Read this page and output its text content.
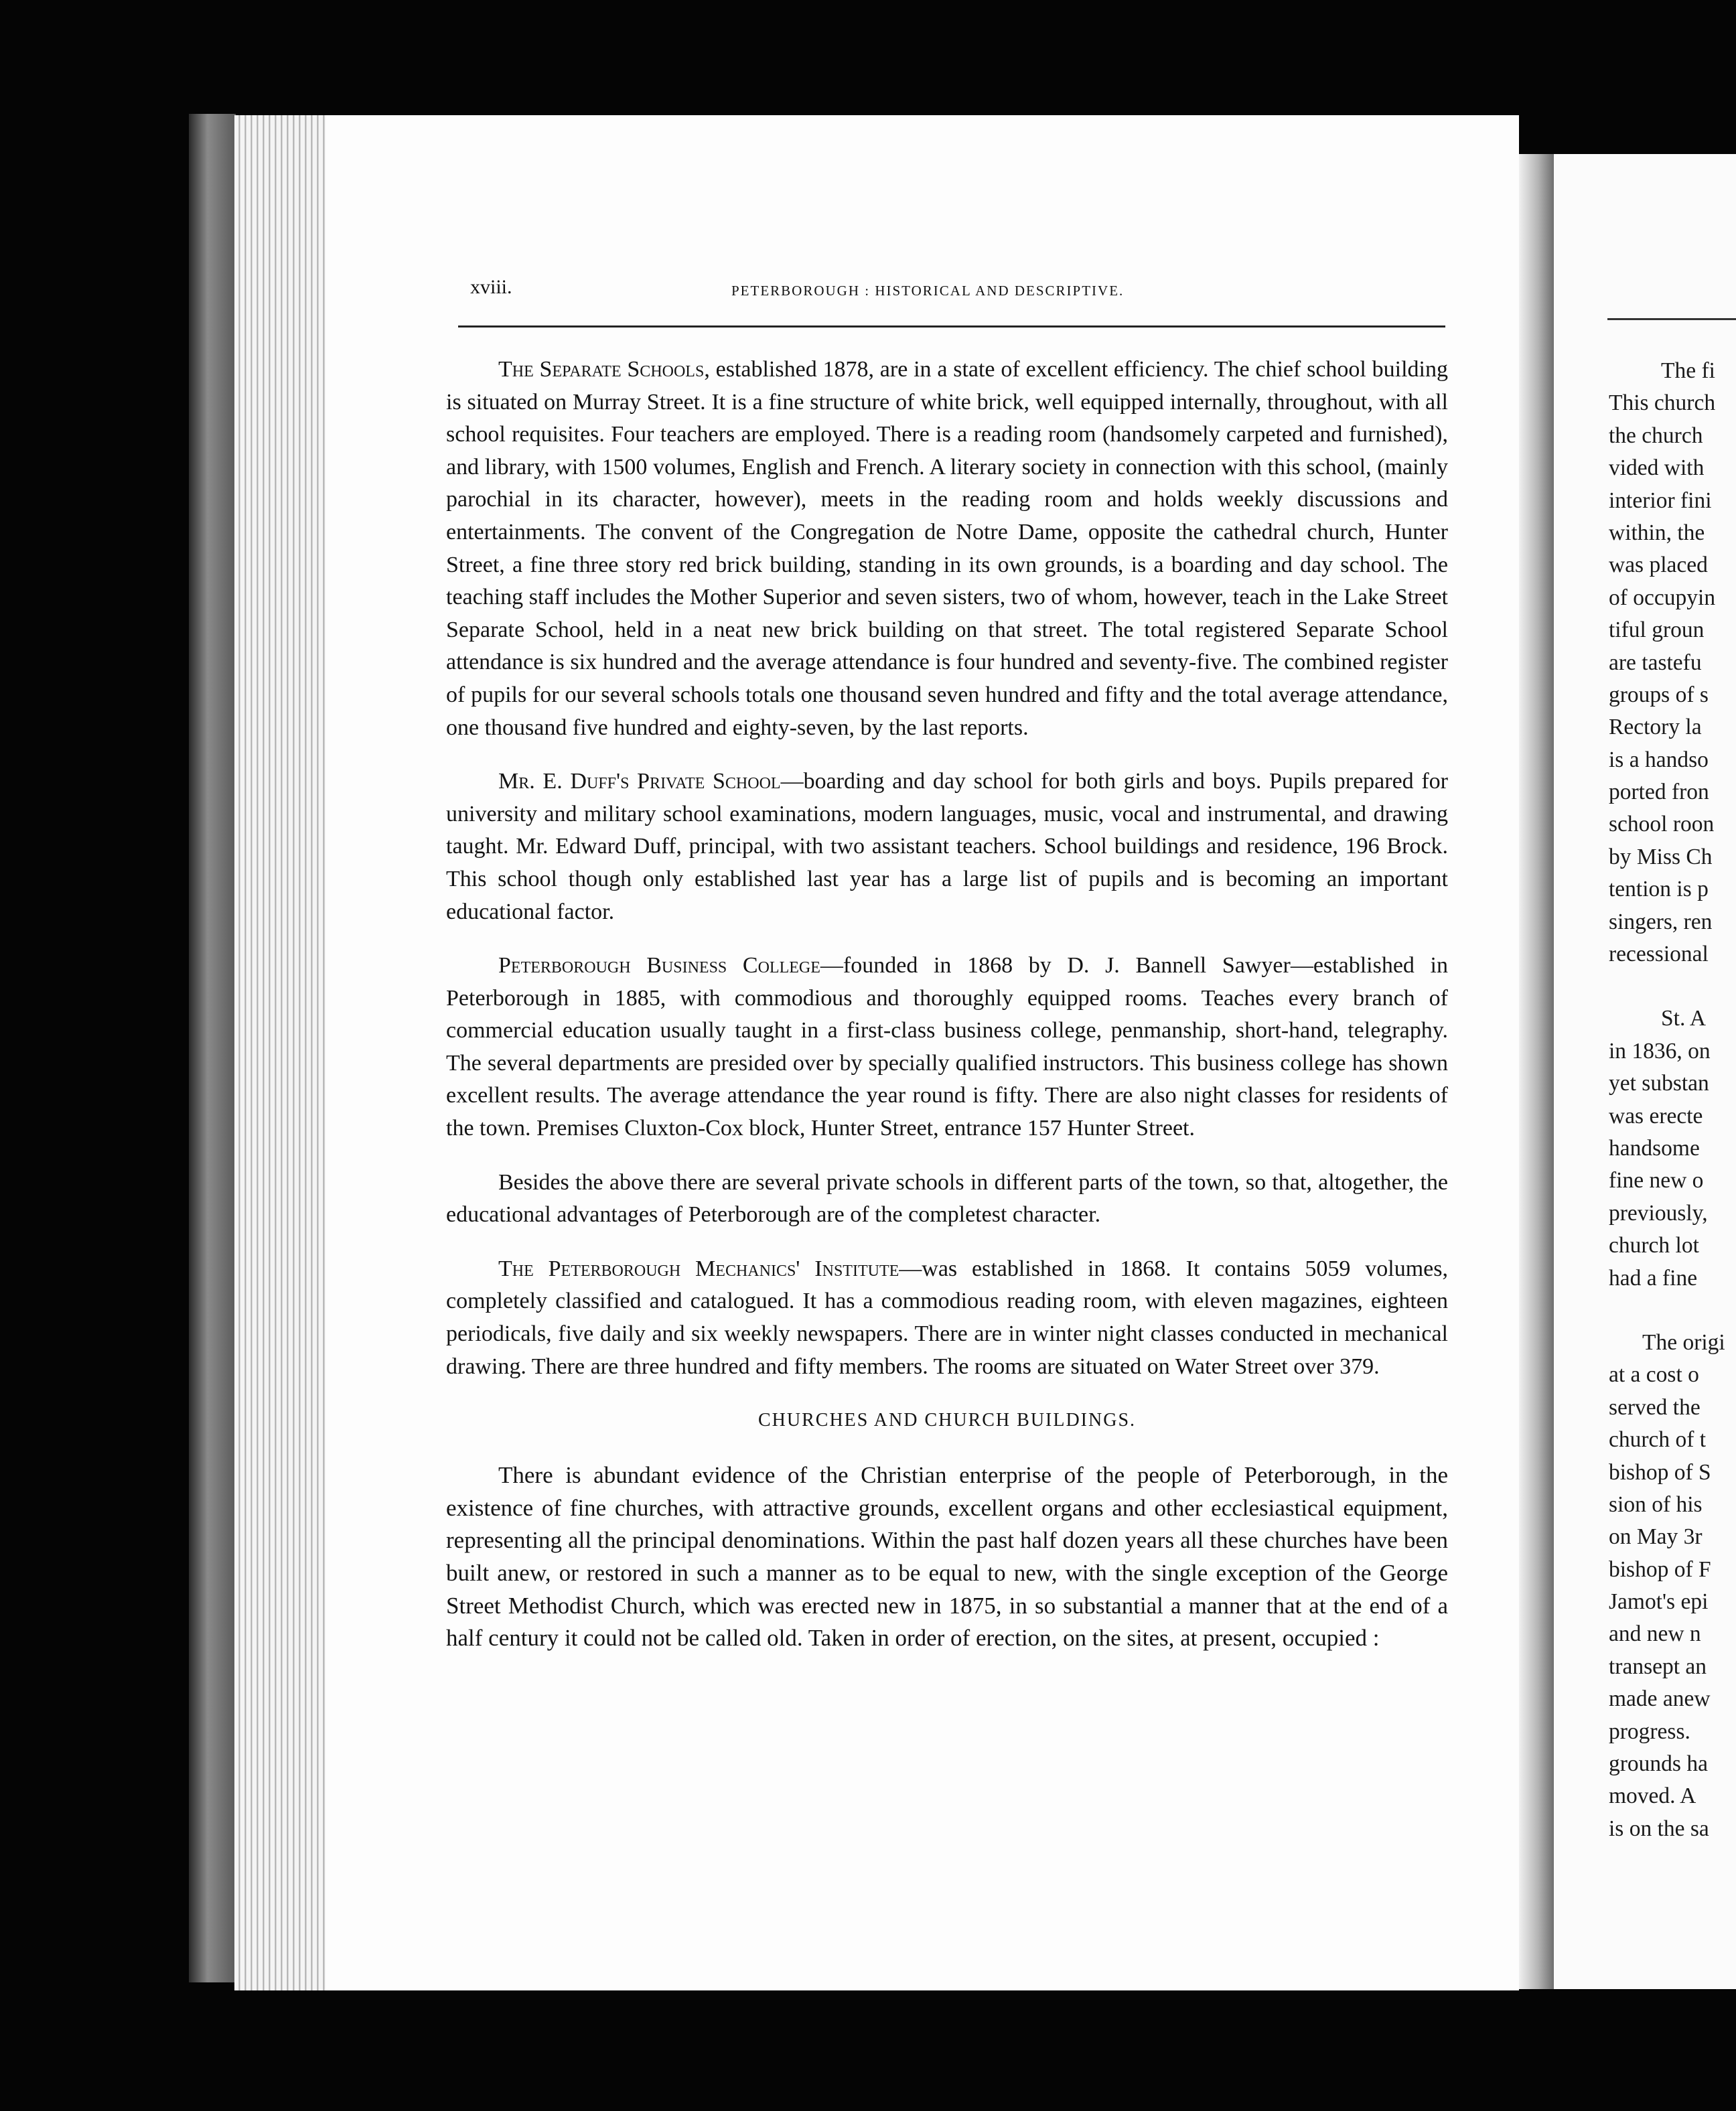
xviii.	PETERBOROUGH : HISTORICAL AND DESCRIPTIVE.

The Separate Schools, established 1878, are in a state of excellent efficiency. The chief school building is situated on Murray Street. It is a fine structure of white brick, well equipped internally, throughout, with all school requisites. Four teachers are employed. There is a reading room (handsomely carpeted and furnished), and library, with 1500 volumes, English and French. A literary society in connection with this school, (mainly parochial in its character, however), meets in the reading room and holds weekly discussions and entertainments. The convent of the Congregation de Notre Dame, opposite the cathedral church, Hunter Street, a fine three story red brick building, standing in its own grounds, is a boarding and day school. The teaching staff includes the Mother Superior and seven sisters, two of whom, however, teach in the Lake Street Separate School, held in a neat new brick building on that street. The total registered Separate School attendance is six hundred and the average attendance is four hundred and seventy-five. The combined register of pupils for our several schools totals one thousand seven hundred and fifty and the total average attendance, one thousand five hundred and eighty-seven, by the last reports.

Mr. E. Duff's Private School—boarding and day school for both girls and boys. Pupils prepared for university and military school examinations, modern languages, music, vocal and instrumental, and drawing taught. Mr. Edward Duff, principal, with two assistant teachers. School buildings and residence, 196 Brock. This school though only established last year has a large list of pupils and is becoming an important educational factor.

Peterborough Business College—founded in 1868 by D. J. Bannell Sawyer—established in Peterborough in 1885, with commodious and thoroughly equipped rooms. Teaches every branch of commercial education usually taught in a first-class business college, penmanship, short-hand, telegraphy. The several departments are presided over by specially qualified instructors. This business college has shown excellent results. The average attendance the year round is fifty. There are also night classes for residents of the town. Premises Cluxton-Cox block, Hunter Street, entrance 157 Hunter Street.

Besides the above there are several private schools in different parts of the town, so that, altogether, the educational advantages of Peterborough are of the completest character.

The Peterborough Mechanics' Institute—was established in 1868. It contains 5059 volumes, completely classified and catalogued. It has a commodious reading room, with eleven magazines, eighteen periodicals, five daily and six weekly newspapers. There are in winter night classes conducted in mechanical drawing. There are three hundred and fifty members. The rooms are situated on Water Street over 379.

CHURCHES AND CHURCH BUILDINGS.

There is abundant evidence of the Christian enterprise of the people of Peterborough, in the existence of fine churches, with attractive grounds, excellent organs and other ecclesiastical equipment, representing all the principal denominations. Within the past half dozen years all these churches have been built anew, or restored in such a manner as to be equal to new, with the single exception of the George Street Methodist Church, which was erected new in 1875, in so substantial a manner that at the end of a half century it could not be called old. Taken in order of erection, on the sites, at present, occupied :

The fi
This church
the church
vided with
interior fini
within, the
was placed
of occupyin
tiful groun
are tastefu
groups of s
Rectory la
is a handso
ported fron
school roon
by Miss Ch
tention is p
singers, ren
recessional
St. A
in 1836, on
yet substan
was erecte
handsome
fine new o
previously,
church lot
had a fine
The origi
at a cost o
served the
church of t
bishop of S
sion of his
on May 3r
bishop of F
Jamot's epi
and new n
transept an
made anew
progress.
grounds ha
moved. A
is on the sa
